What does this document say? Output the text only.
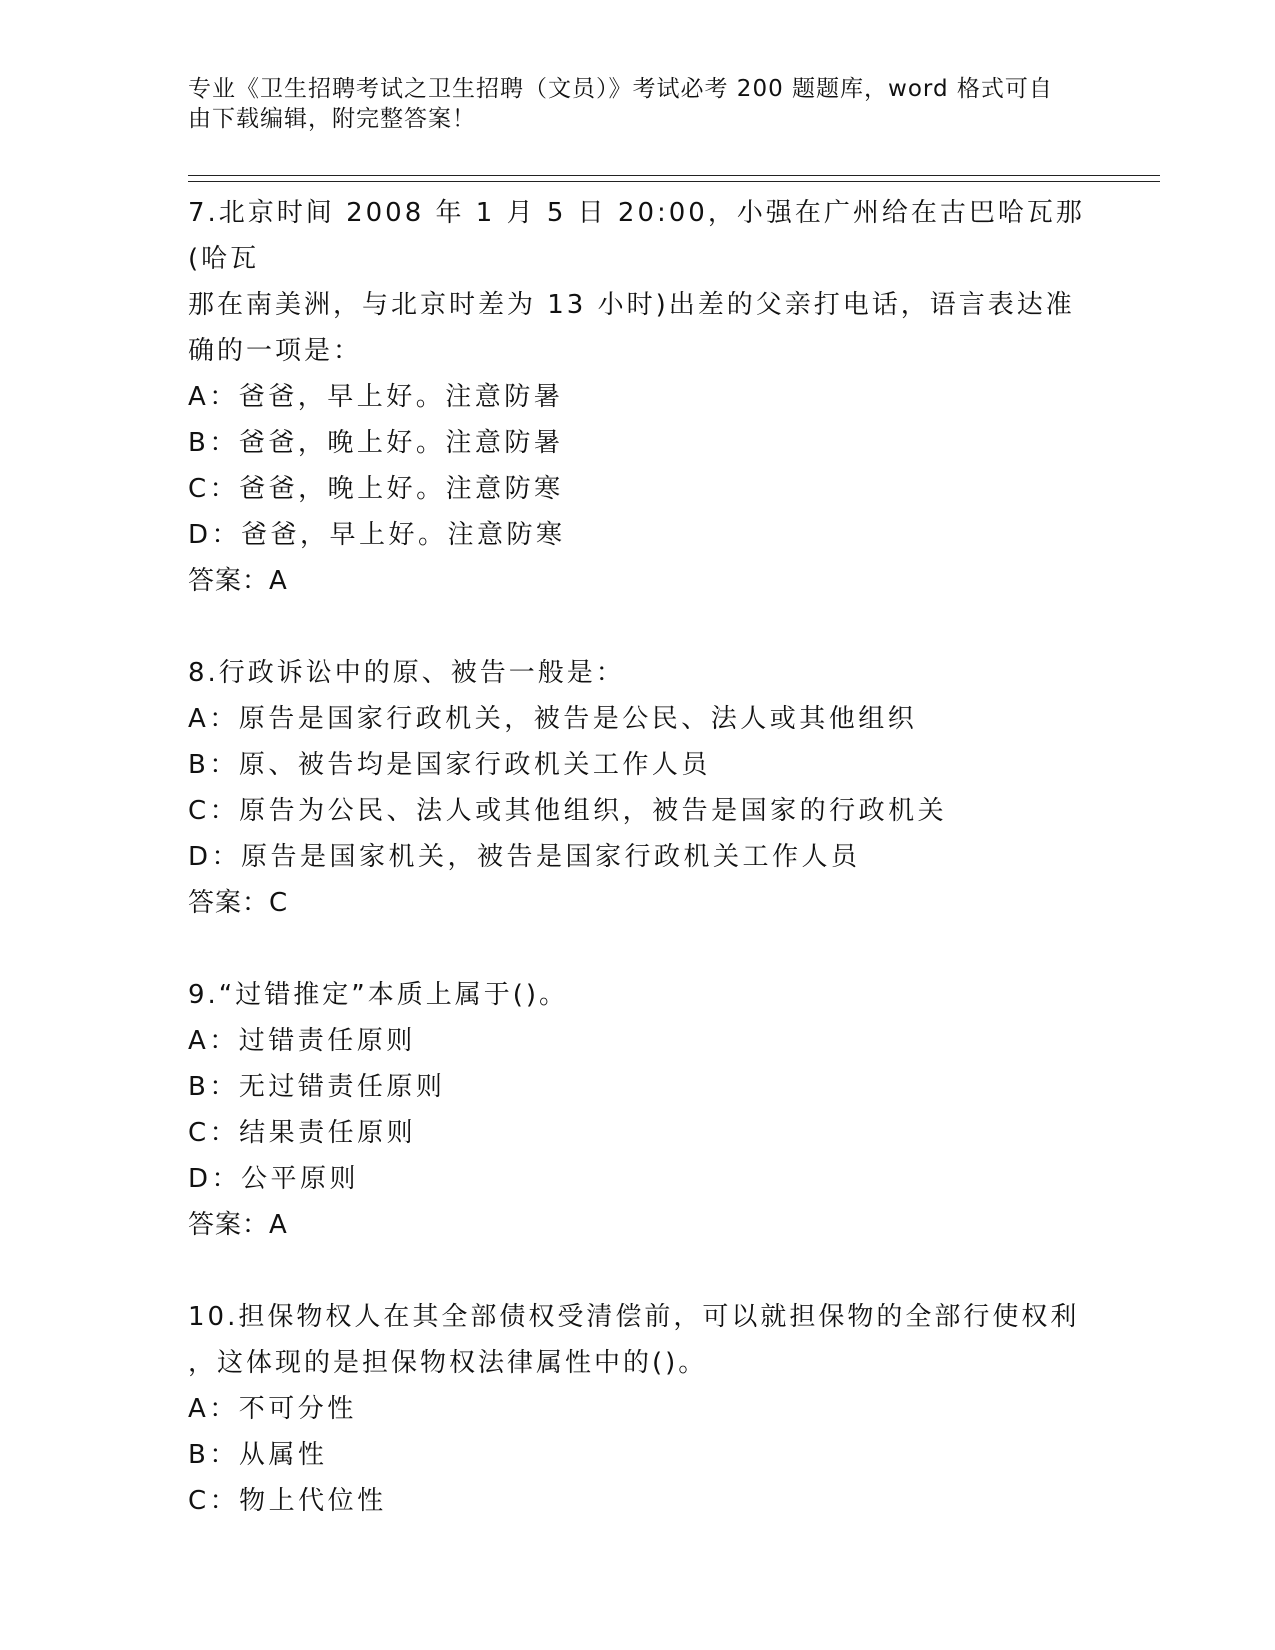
专业《卫生招聘考试之卫生招聘（文员）》考试必考 200 题题库，word 格式可自
由下载编辑，附完整答案！

7.北京时间 2008 年 1 月 5 日 20:00，小强在广州给在古巴哈瓦那(哈瓦

那在南美洲，与北京时差为 13 小时)出差的父亲打电话，语言表达准

确的一项是：

A：爸爸，早上好。注意防暑

B：爸爸，晚上好。注意防暑

C：爸爸，晚上好。注意防寒

D：爸爸，早上好。注意防寒

答案：A

8.行政诉讼中的原、被告一般是：

A：原告是国家行政机关，被告是公民、法人或其他组织

B：原、被告均是国家行政机关工作人员

C：原告为公民、法人或其他组织，被告是国家的行政机关

D：原告是国家机关，被告是国家行政机关工作人员

答案：C

9.“过错推定”本质上属于()。

A：过错责任原则

B：无过错责任原则

C：结果责任原则

D：公平原则

答案：A

10.担保物权人在其全部债权受清偿前，可以就担保物的全部行使权利

，这体现的是担保物权法律属性中的()。

A：不可分性

B：从属性

C：物上代位性
